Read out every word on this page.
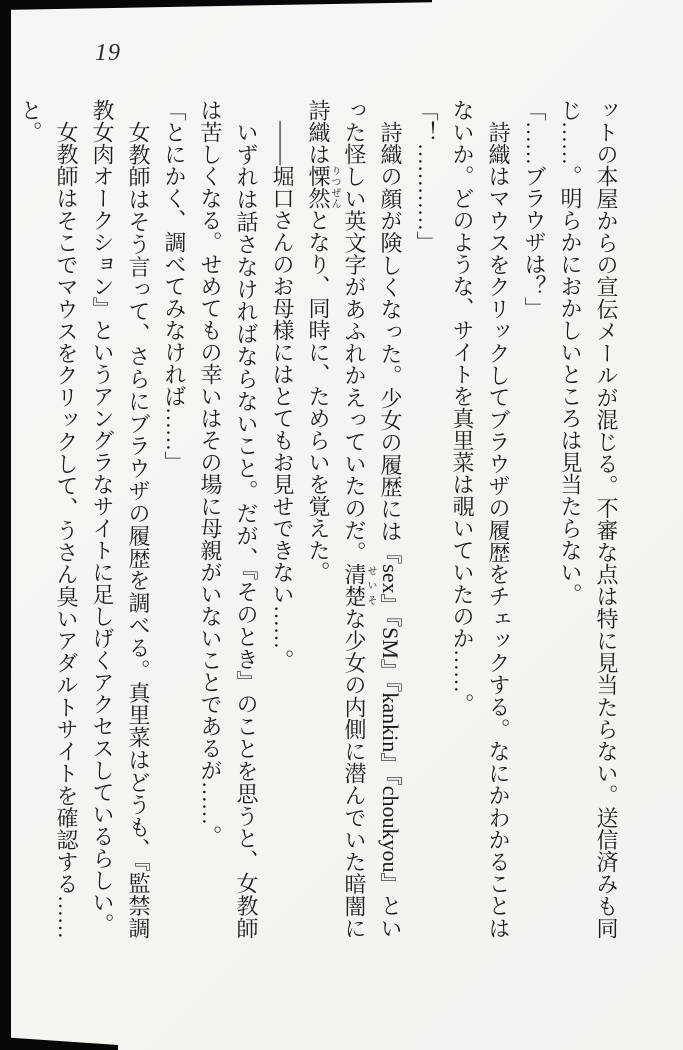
19

ットの本屋からの宣伝メールが混じる。不審な点は特に見当たらない。送信済みも同じ……。明らかにおかしいところは見当たらない。

「……ブラウザは？」

詩織はマウスをクリックしてブラウザの履歴をチェックする。なにかわかることはないか。どのような、サイトを真里菜は覗いていたのか……。

「！…………」

詩織の顔が険しくなった。少女の履歴には『sex』『SM』『kankin』『choukyou』といった怪しい英文字があふれかえっていたのだ。清楚せいそな少女の内側に潜んでいた暗闇に詩織は慄然りつぜんとなり、同時に、ためらいを覚えた。

――堀口さんのお母様にはとてもお見せできない……。

いずれは話さなければならないこと。だが、『そのとき』のことを思うと、女教師は苦しくなる。せめてもの幸いはその場に母親がいないことであるが……。

「とにかく、調べてみなければ……」

女教師はそう言って、さらにブラウザの履歴を調べる。真里菜はどうも、『監禁調教女肉オークション』というアングラなサイトに足しげくアクセスしているらしい。

女教師はそこでマウスをクリックして、うさん臭いアダルトサイトを確認する……と。
